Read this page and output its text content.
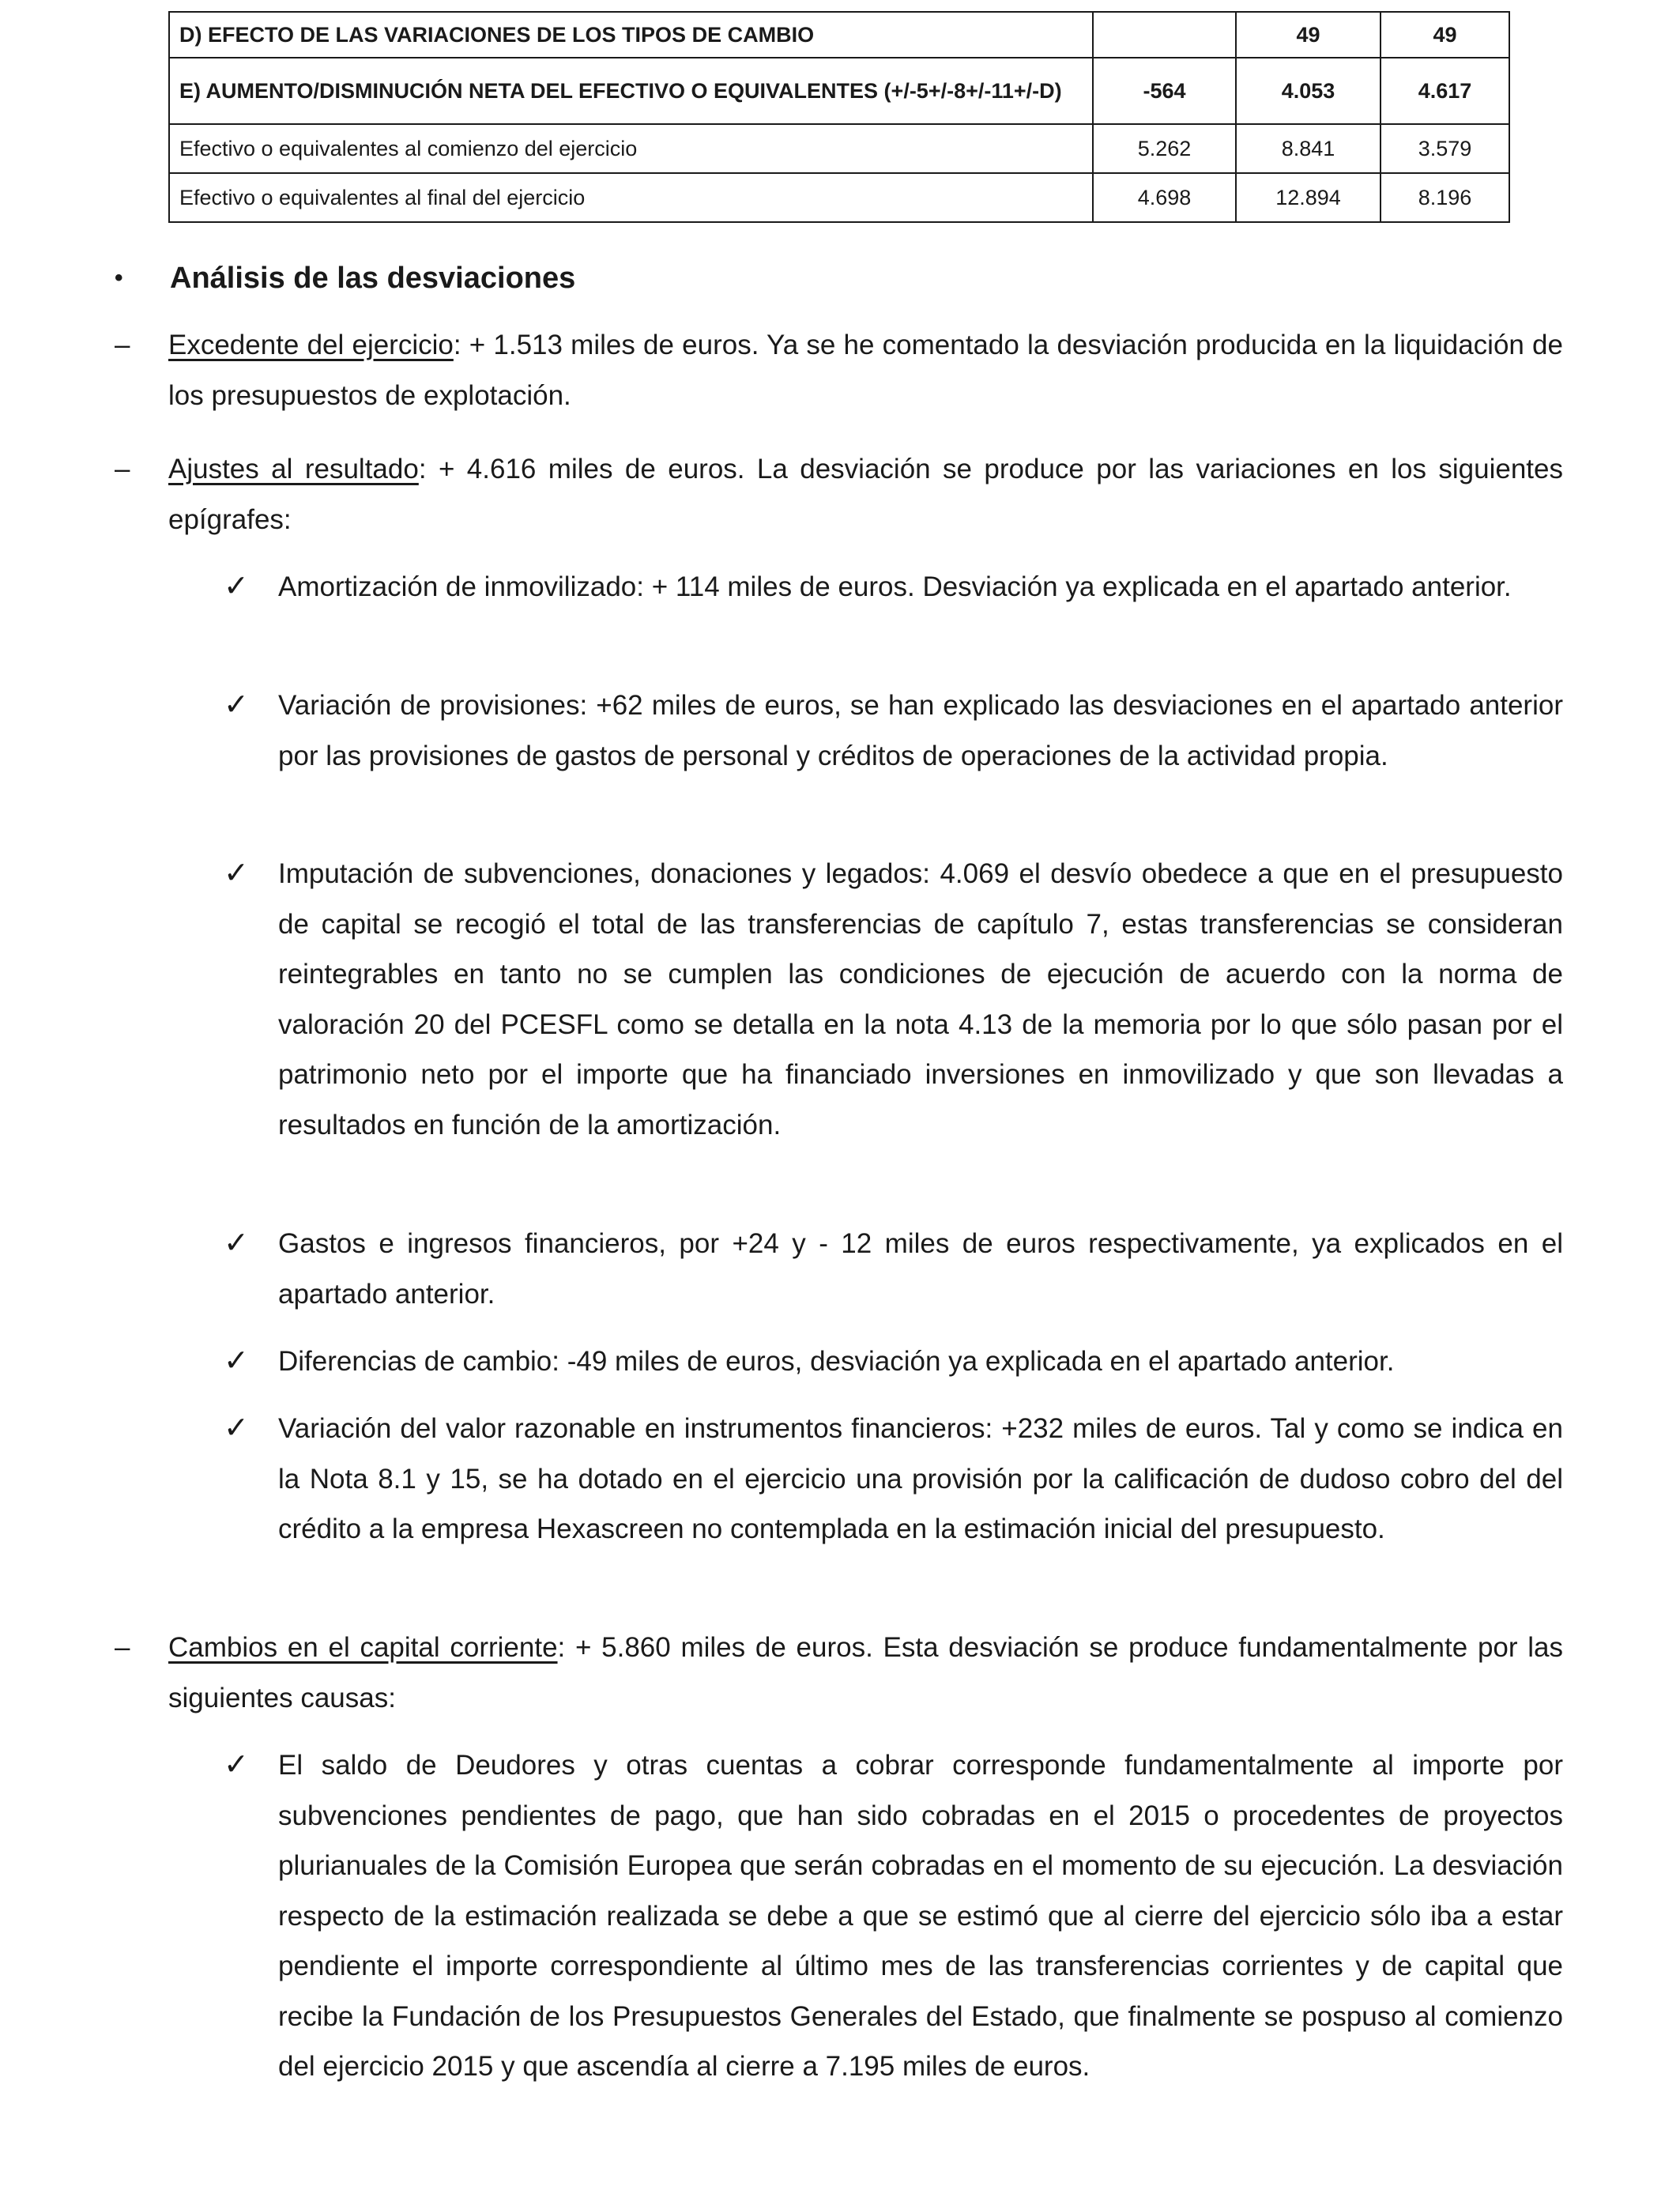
D) EFECTO DE LAS VARIACIONES DE LOS TIPOS DE CAMBIO		49	49
E) AUMENTO/DISMINUCIÓN NETA DEL EFECTIVO O EQUIVALENTES (+/-5+/-8+/-11+/-D)	-564	4.053	4.617
Efectivo o equivalentes al comienzo del ejercicio	5.262	8.841	3.579
Efectivo o equivalentes al final del ejercicio	4.698	12.894	8.196
• Análisis de las desviaciones
– Excedente del ejercicio: + 1.513 miles de euros. Ya se he comentado la desviación producida en la liquidación de los presupuestos de explotación.
– Ajustes al resultado: + 4.616 miles de euros. La desviación se produce por las variaciones en los siguientes epígrafes:
✓ Amortización de inmovilizado: + 114 miles de euros. Desviación ya explicada en el apartado anterior.
✓ Variación de provisiones: +62 miles de euros, se han explicado las desviaciones en el apartado anterior por las provisiones de gastos de personal y créditos de operaciones de la actividad propia.
✓ Imputación de subvenciones, donaciones y legados: 4.069 el desvío obedece a que en el presupuesto de capital se recogió el total de las transferencias de capítulo 7, estas transferencias se consideran reintegrables en tanto no se cumplen las condiciones de ejecución de acuerdo con la norma de valoración 20 del PCESFL como se detalla en la nota 4.13 de la memoria por lo que sólo pasan por el patrimonio neto por el importe que ha financiado inversiones en inmovilizado y que son llevadas a resultados en función de la amortización.
✓ Gastos e ingresos financieros, por +24 y - 12 miles de euros respectivamente, ya explicados en el apartado anterior.
✓ Diferencias de cambio: -49 miles de euros, desviación ya explicada en el apartado anterior.
✓ Variación del valor razonable en instrumentos financieros: +232 miles de euros. Tal y como se indica en la Nota 8.1 y 15, se ha dotado en el ejercicio una provisión por la calificación de dudoso cobro del del crédito a la empresa Hexascreen no contemplada en la estimación inicial del presupuesto.
– Cambios en el capital corriente: + 5.860 miles de euros. Esta desviación se produce fundamentalmente por las siguientes causas:
✓ El saldo de Deudores y otras cuentas a cobrar corresponde fundamentalmente al importe por subvenciones pendientes de pago, que han sido cobradas en el 2015 o procedentes de proyectos plurianuales de la Comisión Europea que serán cobradas en el momento de su ejecución. La desviación respecto de la estimación realizada se debe a que se estimó que al cierre del ejercicio sólo iba a estar pendiente el importe correspondiente al último mes de las transferencias corrientes y de capital que recibe la Fundación de los Presupuestos Generales del Estado, que finalmente se pospuso al comienzo del ejercicio 2015 y que ascendía al cierre a 7.195 miles de euros.
